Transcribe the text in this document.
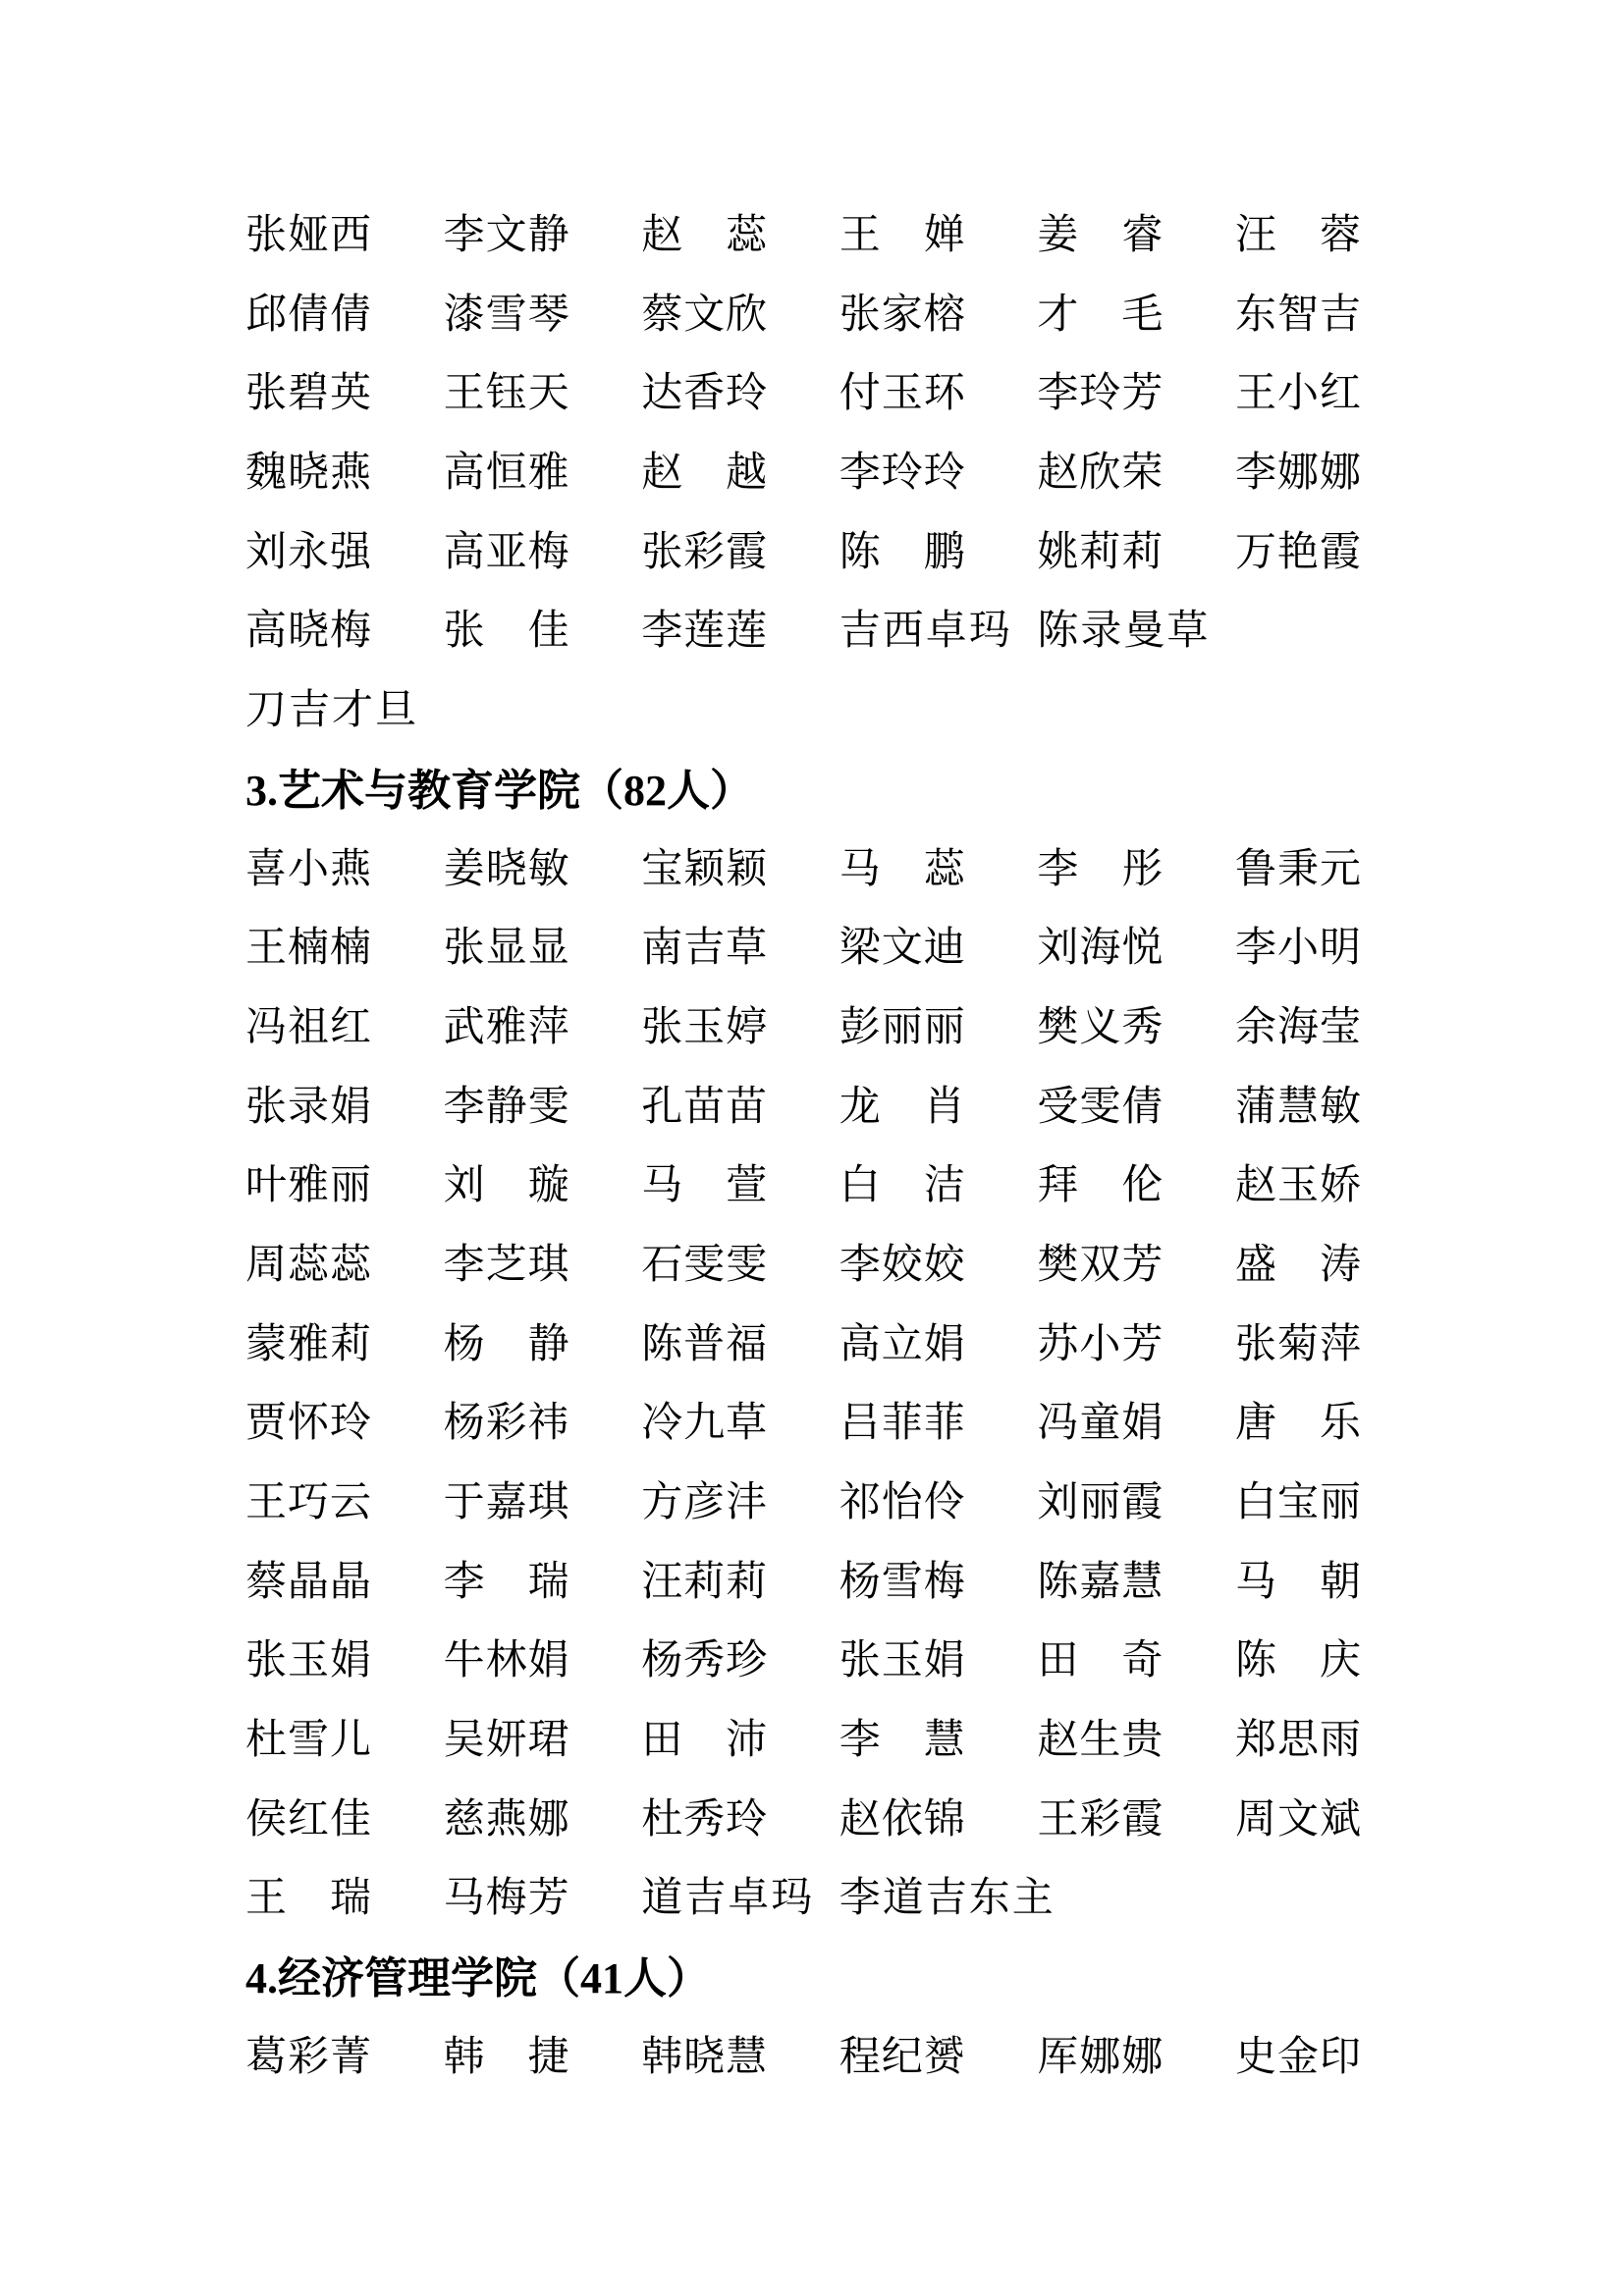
张娅西 李文静 赵蕊 王婵 姜睿 汪蓉
邱倩倩 漆雪琴 蔡文欣 张家榕 才毛 东智吉
张碧英 王钰天 达香玲 付玉环 李玲芳 王小红
魏晓燕 高恒雅 赵越 李玲玲 赵欣荣 李娜娜
刘永强 高亚梅 张彩霞 陈鹏 姚莉莉 万艳霞
高晓梅 张佳 李莲莲 吉西卓玛 陈录曼草
刀吉才旦
3.艺术与教育学院（82人）
喜小燕 姜晓敏 宝颖颖 马蕊 李彤 鲁秉元
王楠楠 张显显 南吉草 梁文迪 刘海悦 李小明
冯祖红 武雅萍 张玉婷 彭丽丽 樊义秀 余海莹
张录娟 李静雯 孔苗苗 龙肖 受雯倩 蒲慧敏
叶雅丽 刘璇 马萱 白洁 拜伦 赵玉娇
周蕊蕊 李芝琪 石雯雯 李姣姣 樊双芳 盛涛
蒙雅莉 杨静 陈普福 高立娟 苏小芳 张菊萍
贾怀玲 杨彩祎 冷九草 吕菲菲 冯童娟 唐乐
王巧云 于嘉琪 方彦沣 祁怡伶 刘丽霞 白宝丽
蔡晶晶 李瑞 汪莉莉 杨雪梅 陈嘉慧 马朝
张玉娟 牛林娟 杨秀珍 张玉娟 田奇 陈庆
杜雪儿 吴妍珺 田沛 李慧 赵生贵 郑思雨
侯红佳 慈燕娜 杜秀玲 赵依锦 王彩霞 周文斌
王瑞 马梅芳 道吉卓玛 李道吉东主
4.经济管理学院（41人）
葛彩菁 韩捷 韩晓慧 程纪赟 厍娜娜 史金印
